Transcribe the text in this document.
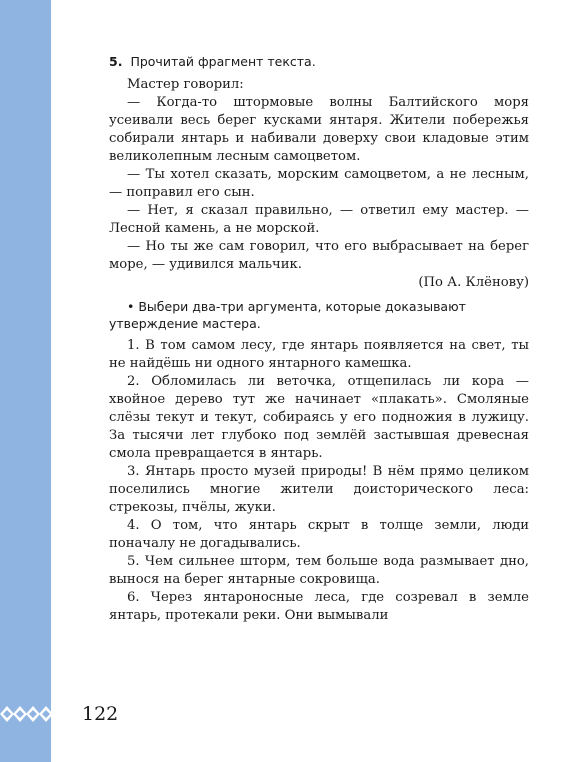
122
5. Прочитай фрагмент текста.

Мастер говорил:

— Когда-то штормовые волны Балтийского моря усеивали весь берег кусками янтаря. Жители побережья собирали янтарь и набивали доверху свои кладовые этим великолепным лесным самоцветом.

— Ты хотел сказать, морским самоцветом, а не лесным, — поправил его сын.

— Нет, я сказал правильно, — ответил ему мастер. — Лесной камень, а не морской.

— Но ты же сам говорил, что его выбрасывает на берег море, — удивился мальчик.

(По А. Клёнову)

• Выбери два-три аргумента, которые доказывают утверждение мастера.

1. В том самом лесу, где янтарь появляется на свет, ты не найдёшь ни одного янтарного камешка.

2. Обломилась ли веточка, отщепилась ли кора — хвойное дерево тут же начинает «плакать». Смоляные слёзы текут и текут, собираясь у его подножия в лужицу. За тысячи лет глубоко под землёй застывшая древесная смола превращается в янтарь.

3. Янтарь просто музей природы! В нём прямо целиком поселились многие жители доисторического леса: стрекозы, пчёлы, жуки.

4. О том, что янтарь скрыт в толще земли, люди поначалу не догадывались.

5. Чем сильнее шторм, тем больше вода размывает дно, вынося на берег янтарные сокровища.

6. Через янтароносные леса, где созревал в земле янтарь, протекали реки. Они вымывали
